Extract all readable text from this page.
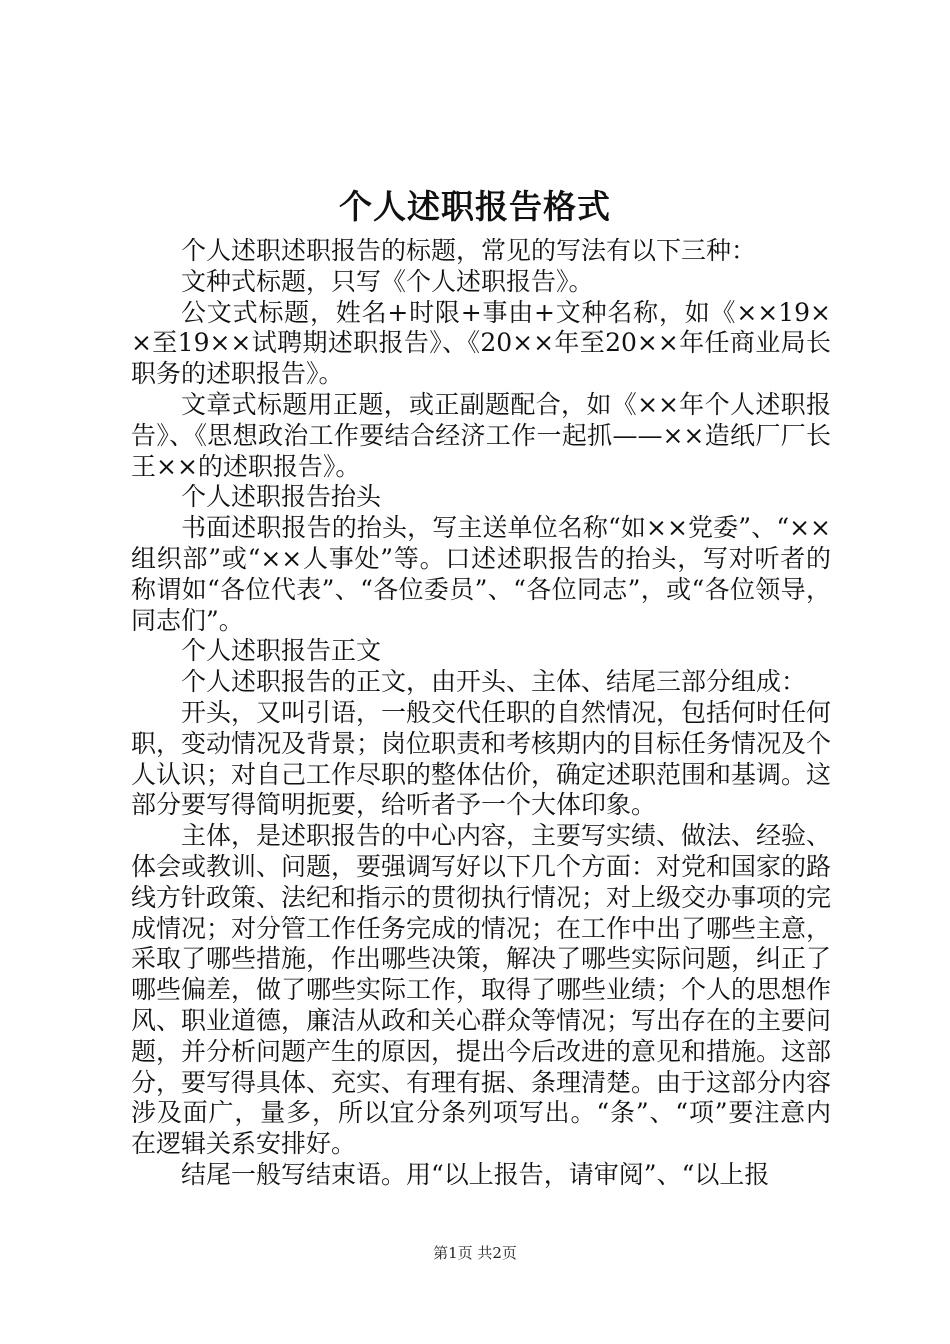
个人述职报告格式

个人述职述职报告的标题，常见的写法有以下三种：

文种式标题，只写《个人述职报告》。

公文式标题，姓名+时限+事由+文种名称，如《××19××至19××试聘期述职报告》、《20××年至20××年任商业局长职务的述职报告》。

文章式标题用正题，或正副题配合，如《××年个人述职报告》、《思想政治工作要结合经济工作一起抓——××造纸厂厂长王××的述职报告》。

个人述职报告抬头

书面述职报告的抬头，写主送单位名称“如××党委”、“××组织部”或“××人事处”等。口述述职报告的抬头，写对听者的称谓如“各位代表”、“各位委员”、“各位同志”，或“各位领导，同志们”。

个人述职报告正文

个人述职报告的正文，由开头、主体、结尾三部分组成：

开头，又叫引语，一般交代任职的自然情况，包括何时任何职，变动情况及背景；岗位职责和考核期内的目标任务情况及个人认识；对自己工作尽职的整体估价，确定述职范围和基调。这部分要写得简明扼要，给听者予一个大体印象。

主体，是述职报告的中心内容，主要写实绩、做法、经验、体会或教训、问题，要强调写好以下几个方面：对党和国家的路线方针政策、法纪和指示的贯彻执行情况；对上级交办事项的完成情况；对分管工作任务完成的情况；在工作中出了哪些主意，采取了哪些措施，作出哪些决策，解决了哪些实际问题，纠正了哪些偏差，做了哪些实际工作，取得了哪些业绩；个人的思想作风、职业道德，廉洁从政和关心群众等情况；写出存在的主要问题，并分析问题产生的原因，提出今后改进的意见和措施。这部分，要写得具体、充实、有理有据、条理清楚。由于这部分内容涉及面广，量多，所以宜分条列项写出。“条”、“项”要注意内在逻辑关系安排好。

结尾一般写结束语。用“以上报告，请审阅”、“以上报

第1页 共2页
